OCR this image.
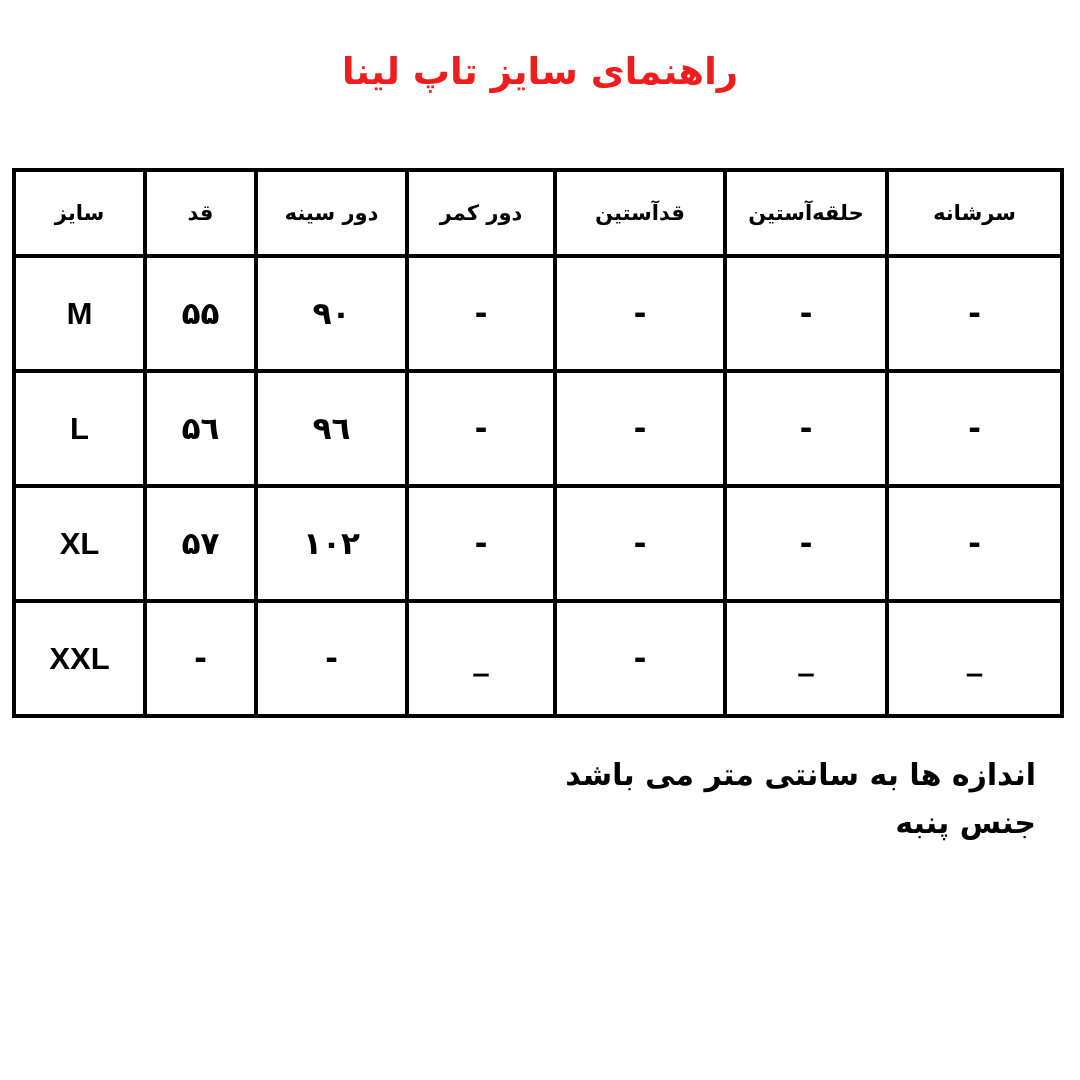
راهنمای سایز تاپ لینا
سرشانه	حلقه‌آستین	قدآستین	دور کمر	دور سینه	قد	سایز
-	-	-	-	۹۰	۵۵	M
-	-	-	-	۹٦	۵٦	L
-	-	-	-	۱۰۲	۵٧	XL
_	_	-	_	-	-	XXL
اندازه ها به سانتی متر می باشد
جنس پنبه
